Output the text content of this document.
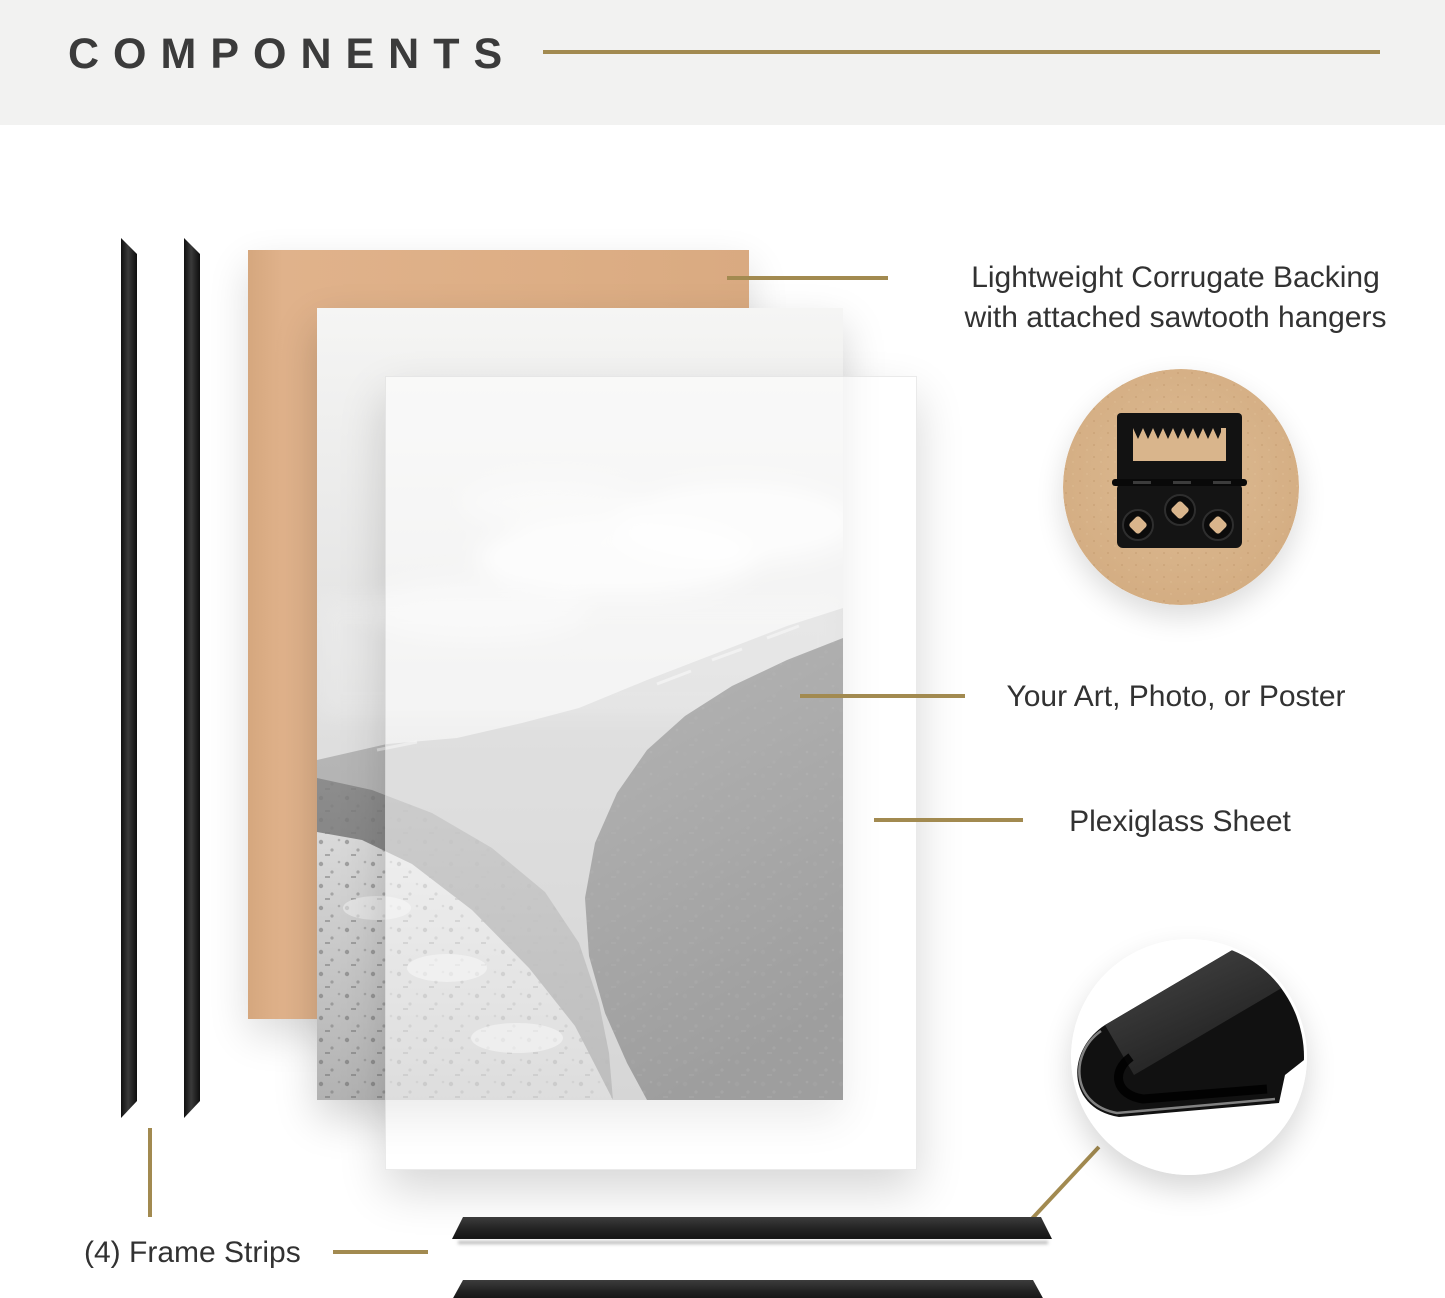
COMPONENTS
Lightweight Corrugate Backing
with attached sawtooth hangers
Your Art, Photo, or Poster
Plexiglass Sheet
(4) Frame Strips
